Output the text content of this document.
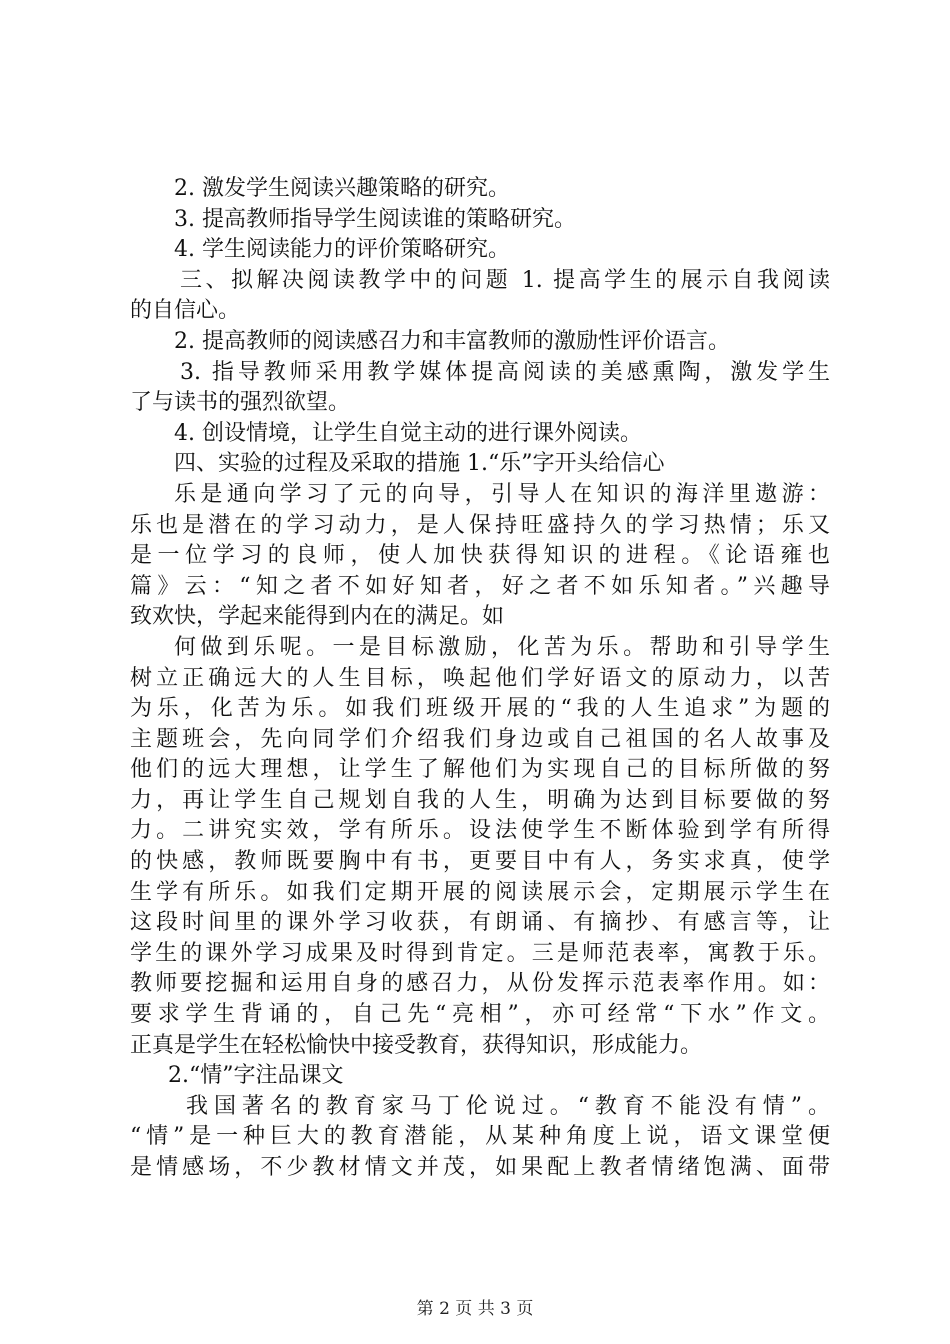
2. 激发学生阅读兴趣策略的研究。
3. 提高教师指导学生阅读谁的策略研究。
4. 学生阅读能力的评价策略研究。
三、拟解决阅读教学中的问题 1. 提高学生的展示自我阅读
的自信心。
2. 提高教师的阅读感召力和丰富教师的激励性评价语言。
3. 指导教师采用教学媒体提高阅读的美感熏陶，激发学生
了与读书的强烈欲望。
4. 创设情境，让学生自觉主动的进行课外阅读。
四、实验的过程及采取的措施 1.“乐”字开头给信心
乐是通向学习了元的向导，引导人在知识的海洋里遨游：
乐也是潜在的学习动力，是人保持旺盛持久的学习热情；乐又
是一位学习的良师，使人加快获得知识的进程。《论语雍也
篇》云：“知之者不如好知者，好之者不如乐知者。”兴趣导
致欢快，学起来能得到内在的满足。如
何做到乐呢。一是目标激励，化苦为乐。帮助和引导学生
树立正确远大的人生目标，唤起他们学好语文的原动力，以苦
为乐，化苦为乐。如我们班级开展的“我的人生追求”为题的
主题班会，先向同学们介绍我们身边或自己祖国的名人故事及
他们的远大理想，让学生了解他们为实现自己的目标所做的努
力，再让学生自己规划自我的人生，明确为达到目标要做的努
力。二讲究实效，学有所乐。设法使学生不断体验到学有所得
的快感，教师既要胸中有书，更要目中有人，务实求真，使学
生学有所乐。如我们定期开展的阅读展示会，定期展示学生在
这段时间里的课外学习收获，有朗诵、有摘抄、有感言等，让
学生的课外学习成果及时得到肯定。三是师范表率，寓教于乐。
教师要挖掘和运用自身的感召力，从份发挥示范表率作用。如：
要求学生背诵的，自己先“亮相”，亦可经常“下水”作文。
正真是学生在轻松愉快中接受教育，获得知识，形成能力。
2.“情”字注品课文
我国著名的教育家马丁伦说过。“教育不能没有情”。
“情”是一种巨大的教育潜能，从某种角度上说，语文课堂便
是情感场，不少教材情文并茂，如果配上教者情绪饱满、面带
第 2 页 共 3 页
